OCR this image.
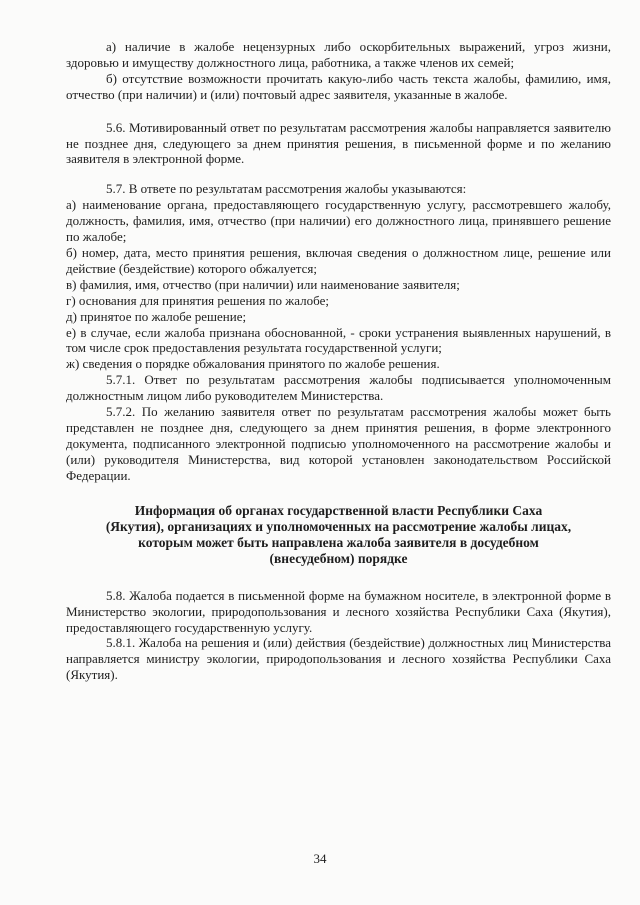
а) наличие в жалобе нецензурных либо оскорбительных выражений, угроз жизни, здоровью и имуществу должностного лица, работника, а также членов их семей;

б) отсутствие возможности прочитать какую-либо часть текста жалобы, фамилию, имя, отчество (при наличии) и (или) почтовый адрес заявителя, указанные в жалобе.

5.6. Мотивированный ответ по результатам рассмотрения жалобы направляется заявителю не позднее дня, следующего за днем принятия решения, в письменной форме и по желанию заявителя в электронной форме.

5.7. В ответе по результатам рассмотрения жалобы указываются:

а) наименование органа, предоставляющего государственную услугу, рассмотревшего жалобу, должность, фамилия, имя, отчество (при наличии) его должностного лица, принявшего решение по жалобе;

б) номер, дата, место принятия решения, включая сведения о должностном лице, решение или действие (бездействие) которого обжалуется;

в) фамилия, имя, отчество (при наличии) или наименование заявителя;

г) основания для принятия решения по жалобе;

д) принятое по жалобе решение;

е) в случае, если жалоба признана обоснованной, - сроки устранения выявленных нарушений, в том числе срок предоставления результата государственной услуги;

ж) сведения о порядке обжалования принятого по жалобе решения.

5.7.1. Ответ по результатам рассмотрения жалобы подписывается уполномоченным должностным лицом либо руководителем Министерства.

5.7.2. По желанию заявителя ответ по результатам рассмотрения жалобы может быть представлен не позднее дня, следующего за днем принятия решения, в форме электронного документа, подписанного электронной подписью уполномоченного на рассмотрение жалобы и (или) руководителя Министерства, вид которой установлен законодательством Российской Федерации.

Информация об органах государственной власти Республики Саха
(Якутия), организациях и уполномоченных на рассмотрение жалобы лицах,
которым может быть направлена жалоба заявителя в досудебном
(внесудебном) порядке

5.8. Жалоба подается в письменной форме на бумажном носителе, в электронной форме в Министерство экологии, природопользования и лесного хозяйства Республики Саха (Якутия), предоставляющего государственную услугу.

5.8.1. Жалоба на решения и (или) действия (бездействие) должностных лиц Министерства направляется министру экологии, природопользования и лесного хозяйства Республики Саха (Якутия).

34
